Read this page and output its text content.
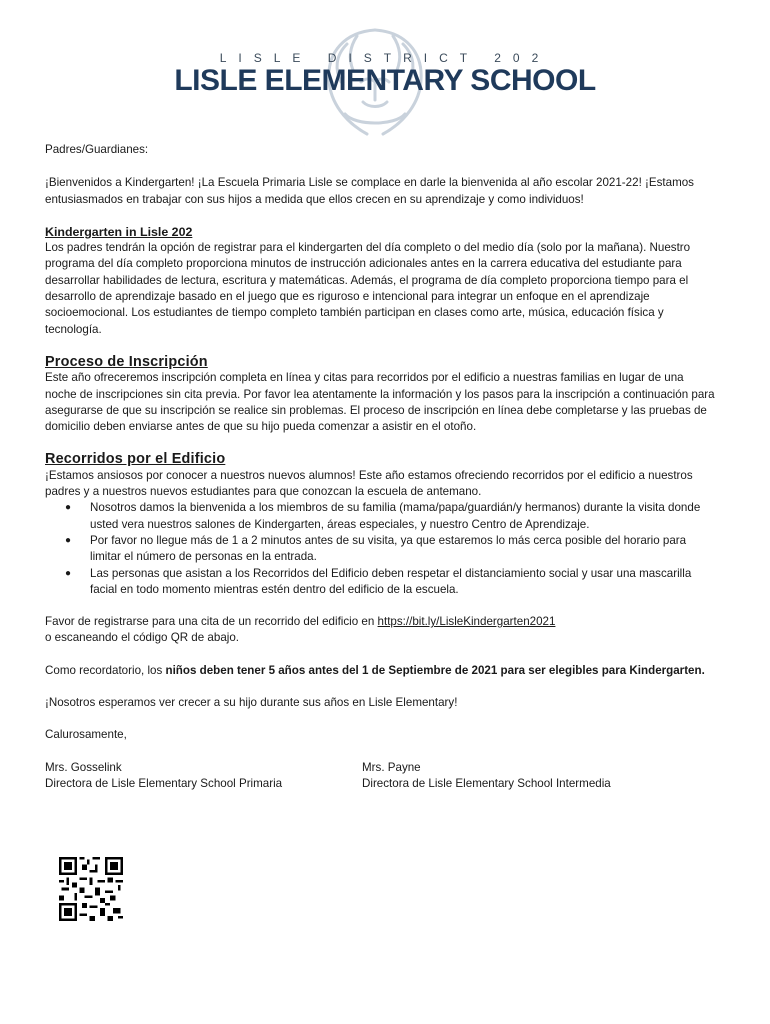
LISLE DISTRICT 202
LISLE ELEMENTARY SCHOOL

Padres/Guardianes:

¡Bienvenidos a Kindergarten! ¡La Escuela Primaria Lisle se complace en darle la bienvenida al año escolar 2021-22! ¡Estamos entusiasmados en trabajar con sus hijos a medida que ellos crecen en su aprendizaje y como individuos!

Kindergarten in Lisle 202

Los padres tendrán la opción de registrar para el kindergarten del día completo o del medio día (solo por la mañana). Nuestro programa del día completo proporciona minutos de instrucción adicionales antes en la carrera educativa del estudiante para desarrollar habilidades de lectura, escritura y matemáticas. Además, el programa de día completo proporciona tiempo para el desarrollo de aprendizaje basado en el juego que es riguroso e intencional para integrar un enfoque en el aprendizaje socioemocional. Los estudiantes de tiempo completo también participan en clases como arte, música, educación física y tecnología.

Proceso de Inscripción

Este año ofreceremos inscripción completa en línea y citas para recorridos por el edificio a nuestras familias en lugar de una noche de inscripciones sin cita previa. Por favor lea atentamente la información y los pasos para la inscripción a continuación para asegurarse de que su inscripción se realice sin problemas. El proceso de inscripción en línea debe completarse y las pruebas de domicilio deben enviarse antes de que su hijo pueda comenzar a asistir en el otoño.

Recorridos por el Edificio

¡Estamos ansiosos por conocer a nuestros nuevos alumnos! Este año estamos ofreciendo recorridos por el edificio a nuestros padres y a nuestros nuevos estudiantes para que conozcan la escuela de antemano.

● Nosotros damos la bienvenida a los miembros de su familia (mama/papa/guardián/y hermanos) durante la visita donde usted vera nuestros salones de Kindergarten, áreas especiales, y nuestro Centro de Aprendizaje.
● Por favor no llegue más de 1 a 2 minutos antes de su visita, ya que estaremos lo más cerca posible del horario para limitar el número de personas en la entrada.
● Las personas que asistan a los Recorridos del Edificio deben respetar el distanciamiento social y usar una mascarilla facial en todo momento mientras estén dentro del edificio de la escuela.

Favor de registrarse para una cita de un recorrido del edificio en https://bit.ly/LisleKindergarten2021

o escaneando el código QR de abajo.

Como recordatorio, los niños deben tener 5 años antes del 1 de Septiembre de 2021 para ser elegibles para Kindergarten.

¡Nosotros esperamos ver crecer a su hijo durante sus años en Lisle Elementary!

Calurosamente,

Mrs. Gosselink

Directora de Lisle Elementary School Primaria

Mrs. Payne

Directora de Lisle Elementary School Intermedia
